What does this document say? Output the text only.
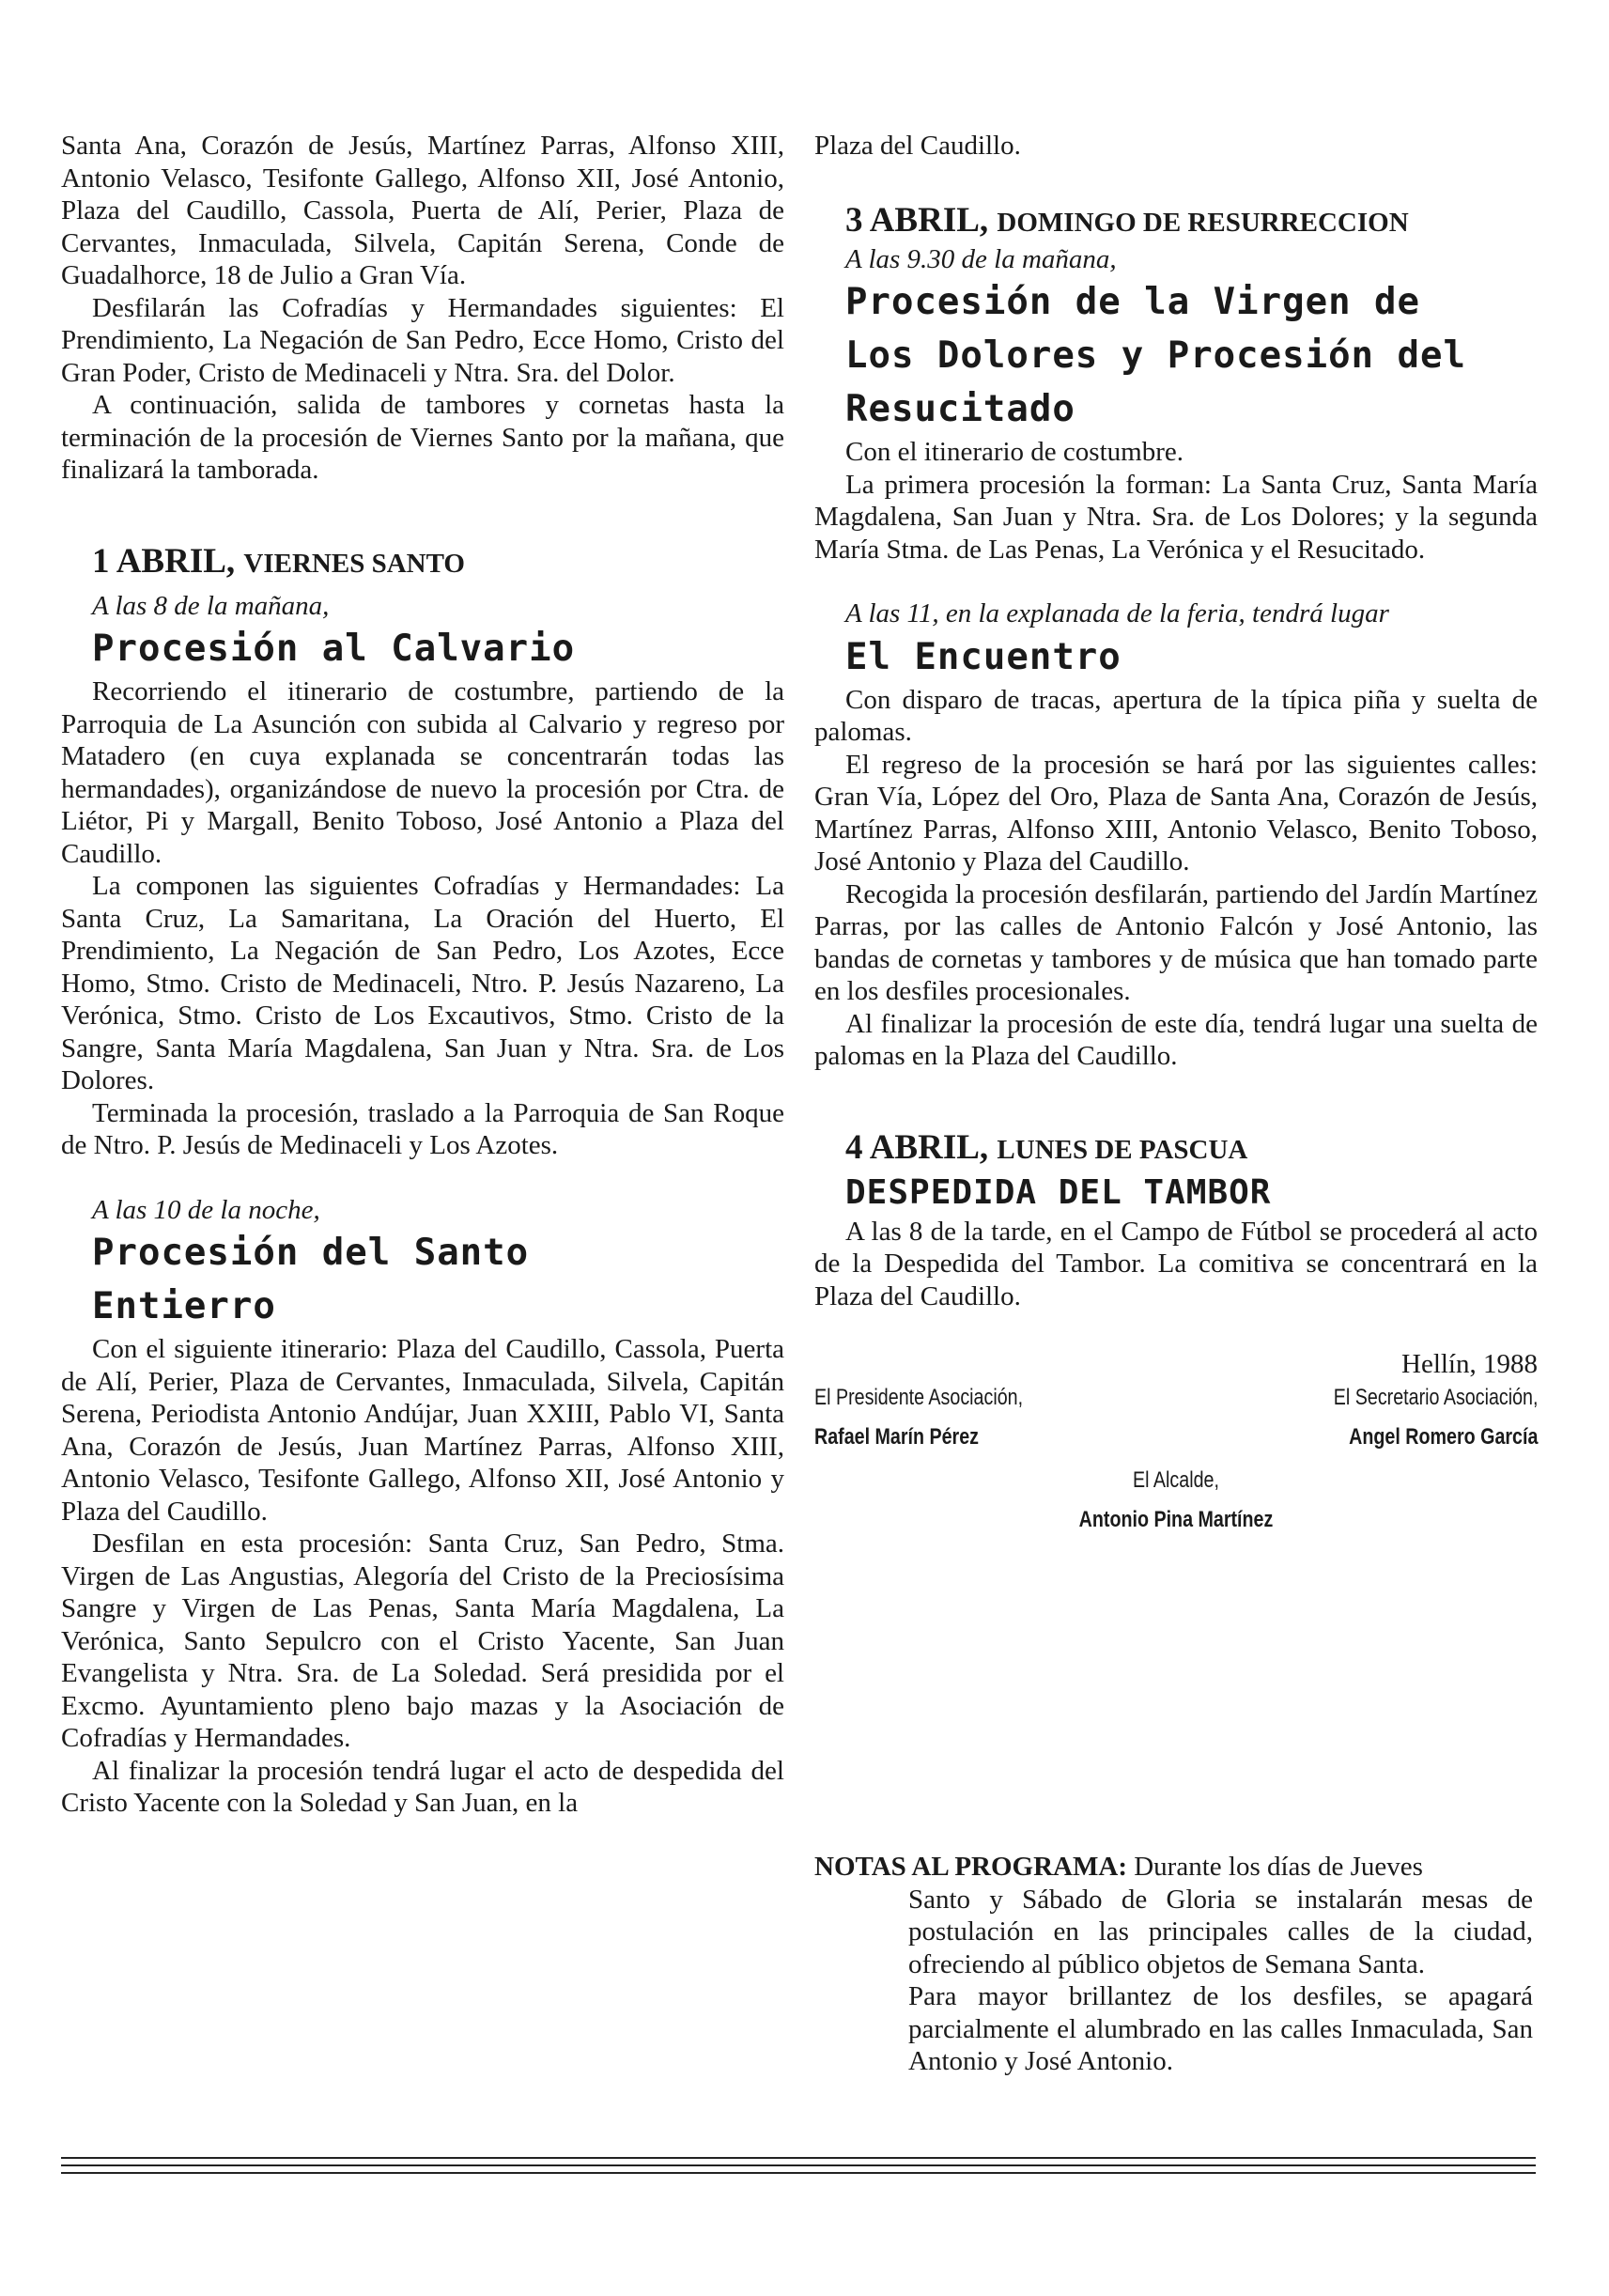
Santa Ana, Corazón de Jesús, Martínez Parras, Alfonso XIII, Antonio Velasco, Tesifonte Gallego, Alfonso XII, José Antonio, Plaza del Caudillo, Cassola, Puerta de Alí, Perier, Plaza de Cervantes, Inmaculada, Silvela, Capitán Serena, Conde de Guadalhorce, 18 de Julio a Gran Vía.

Desfilarán las Cofradías y Hermandades siguientes: El Prendimiento, La Negación de San Pedro, Ecce Homo, Cristo del Gran Poder, Cristo de Medinaceli y Ntra. Sra. del Dolor.

A continuación, salida de tambores y cornetas hasta la terminación de la procesión de Viernes Santo por la mañana, que finalizará la tamborada.

1 ABRIL, VIERNES SANTO

A las 8 de la mañana,

Procesión al Calvario

Recorriendo el itinerario de costumbre, partiendo de la Parroquia de La Asunción con subida al Calvario y regreso por Matadero (en cuya explanada se concentrarán todas las hermandades), organizándose de nuevo la procesión por Ctra. de Liétor, Pi y Margall, Benito Toboso, José Antonio a Plaza del Caudillo.

La componen las siguientes Cofradías y Hermandades: La Santa Cruz, La Samaritana, La Oración del Huerto, El Prendimiento, La Negación de San Pedro, Los Azotes, Ecce Homo, Stmo. Cristo de Medinaceli, Ntro. P. Jesús Nazareno, La Verónica, Stmo. Cristo de Los Excautivos, Stmo. Cristo de la Sangre, Santa María Magdalena, San Juan y Ntra. Sra. de Los Dolores.

Terminada la procesión, traslado a la Parroquia de San Roque de Ntro. P. Jesús de Medinaceli y Los Azotes.

A las 10 de la noche,

Procesión del Santo

Entierro

Con el siguiente itinerario: Plaza del Caudillo, Cassola, Puerta de Alí, Perier, Plaza de Cervantes, Inmaculada, Silvela, Capitán Serena, Periodista Antonio Andújar, Juan XXIII, Pablo VI, Santa Ana, Corazón de Jesús, Juan Martínez Parras, Alfonso XIII, Antonio Velasco, Tesifonte Gallego, Alfonso XII, José Antonio y Plaza del Caudillo.

Desfilan en esta procesión: Santa Cruz, San Pedro, Stma. Virgen de Las Angustias, Alegoría del Cristo de la Preciosísima Sangre y Virgen de Las Penas, Santa María Magdalena, La Verónica, Santo Sepulcro con el Cristo Yacente, San Juan Evangelista y Ntra. Sra. de La Soledad. Será presidida por el Excmo. Ayuntamiento pleno bajo mazas y la Asociación de Cofradías y Hermandades.

Al finalizar la procesión tendrá lugar el acto de despedida del Cristo Yacente con la Soledad y San Juan, en la

Plaza del Caudillo.

3 ABRIL, DOMINGO DE RESURRECCION

A las 9.30 de la mañana,

Procesión de la Virgen de

Los Dolores y Procesión del

Resucitado

Con el itinerario de costumbre.

La primera procesión la forman: La Santa Cruz, Santa María Magdalena, San Juan y Ntra. Sra. de Los Dolores; y la segunda María Stma. de Las Penas, La Verónica y el Resucitado.

A las 11, en la explanada de la feria, tendrá lugar

El Encuentro

Con disparo de tracas, apertura de la típica piña y suelta de palomas.

El regreso de la procesión se hará por las siguientes calles: Gran Vía, López del Oro, Plaza de Santa Ana, Corazón de Jesús, Martínez Parras, Alfonso XIII, Antonio Velasco, Benito Toboso, José Antonio y Plaza del Caudillo.

Recogida la procesión desfilarán, partiendo del Jardín Martínez Parras, por las calles de Antonio Falcón y José Antonio, las bandas de cornetas y tambores y de música que han tomado parte en los desfiles procesionales.

Al finalizar la procesión de este día, tendrá lugar una suelta de palomas en la Plaza del Caudillo.

4 ABRIL, LUNES DE PASCUA

DESPEDIDA DEL TAMBOR

A las 8 de la tarde, en el Campo de Fútbol se procederá al acto de la Despedida del Tambor. La comitiva se concentrará en la Plaza del Caudillo.

Hellín, 1988
El Presidente Asociación,	El Secretario Asociación,
Rafael Marín Pérez	Angel Romero García
El Alcalde,
Antonio Pina Martínez
NOTAS AL PROGRAMA: Durante los días de Jueves
Santo y Sábado de Gloria se instalarán mesas de postulación en las principales calles de la ciudad, ofreciendo al público objetos de Semana Santa.
Para mayor brillantez de los desfiles, se apagará parcialmente el alumbrado en las calles Inmaculada, San Antonio y José Antonio.
